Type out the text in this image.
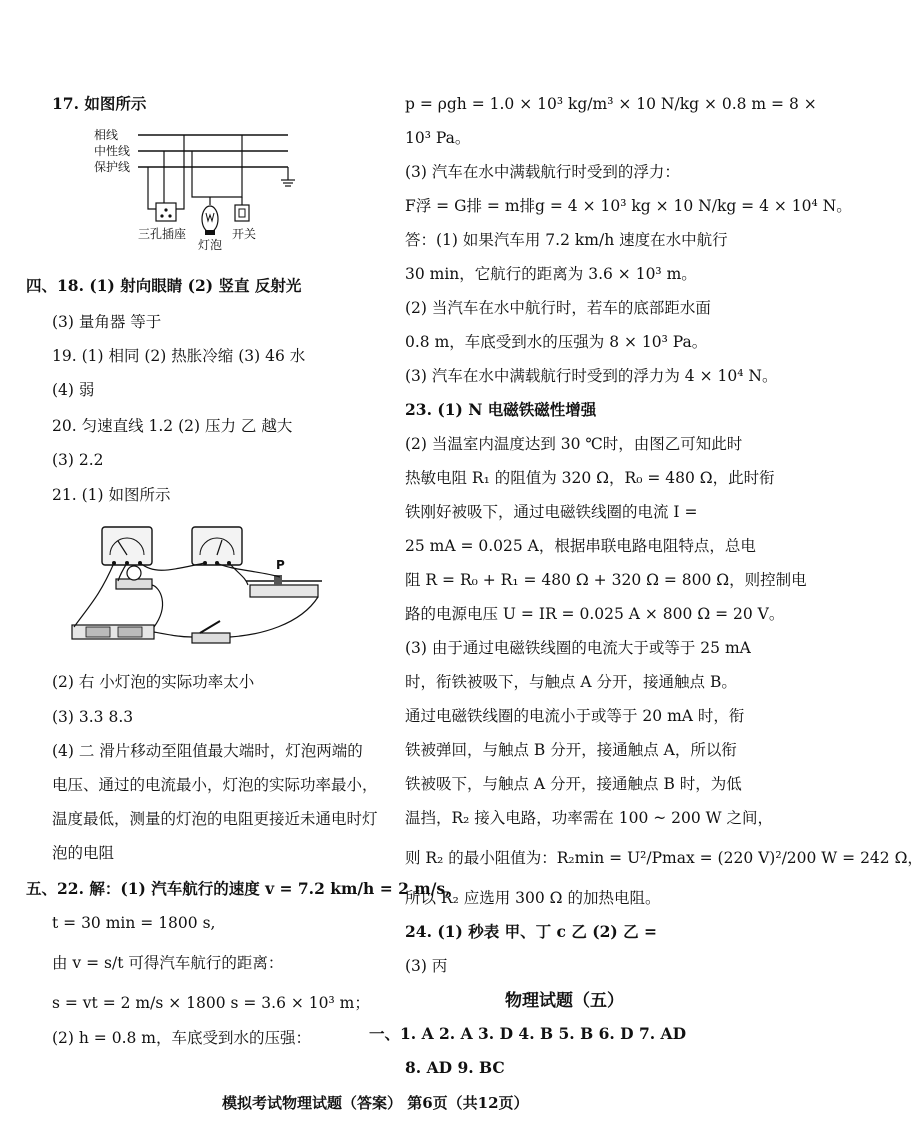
17. 如图所示
相线
中性线
保护线
三孔插座
灯泡
开关
四、18. (1) 射向眼睛 (2) 竖直 反射光
(3) 量角器 等于
19. (1) 相同 (2) 热胀冷缩 (3) 46 水
(4) 弱
20. 匀速直线 1.2 (2) 压力 乙 越大
(3) 2.2
21. (1) 如图所示
P
(2) 右 小灯泡的实际功率太小
(3) 3.3 8.3
(4) 二 滑片移动至阻值最大端时，灯泡两端的
电压、通过的电流最小，灯泡的实际功率最小，
温度最低，测量的灯泡的电阻更接近未通电时灯
泡的电阻
五、22. 解：(1) 汽车航行的速度 v = 7.2 km/h = 2 m/s,
t = 30 min = 1800 s,
由 v = s/t 可得汽车航行的距离：
s = vt = 2 m/s × 1800 s = 3.6 × 10³ m；
(2) h = 0.8 m，车底受到水的压强：
p = ρgh = 1.0 × 10³ kg/m³ × 10 N/kg × 0.8 m = 8 ×
10³ Pa。
(3) 汽车在水中满载航行时受到的浮力：
F浮 = G排 = m排g = 4 × 10³ kg × 10 N/kg = 4 × 10⁴ N。
答：(1) 如果汽车用 7.2 km/h 速度在水中航行
30 min，它航行的距离为 3.6 × 10³ m。
(2) 当汽车在水中航行时，若车的底部距水面
0.8 m，车底受到水的压强为 8 × 10³ Pa。
(3) 汽车在水中满载航行时受到的浮力为 4 × 10⁴ N。
23. (1) N 电磁铁磁性增强
(2) 当温室内温度达到 30 ℃时，由图乙可知此时
热敏电阻 R₁ 的阻值为 320 Ω，R₀ = 480 Ω，此时衔
铁刚好被吸下，通过电磁铁线圈的电流 I =
25 mA = 0.025 A，根据串联电路电阻特点，总电
阻 R = R₀ + R₁ = 480 Ω + 320 Ω = 800 Ω，则控制电
路的电源电压 U = IR = 0.025 A × 800 Ω = 20 V。
(3) 由于通过电磁铁线圈的电流大于或等于 25 mA
时，衔铁被吸下，与触点 A 分开，接通触点 B。
通过电磁铁线圈的电流小于或等于 20 mA 时，衔
铁被弹回，与触点 B 分开，接通触点 A，所以衔
铁被吸下，与触点 A 分开，接通触点 B 时，为低
温挡，R₂ 接入电路，功率需在 100 ~ 200 W 之间，
则 R₂ 的最小阻值为：R₂min = U²/Pmax = (220 V)²/200 W = 242 Ω，
所以 R₂ 应选用 300 Ω 的加热电阻。
24. (1) 秒表 甲、丁 c 乙 (2) 乙 =
(3) 丙
物理试题（五）
一、1. A 2. A 3. D 4. B 5. B 6. D 7. AD
8. AD 9. BC
模拟考试物理试题（答案） 第6页（共12页）
